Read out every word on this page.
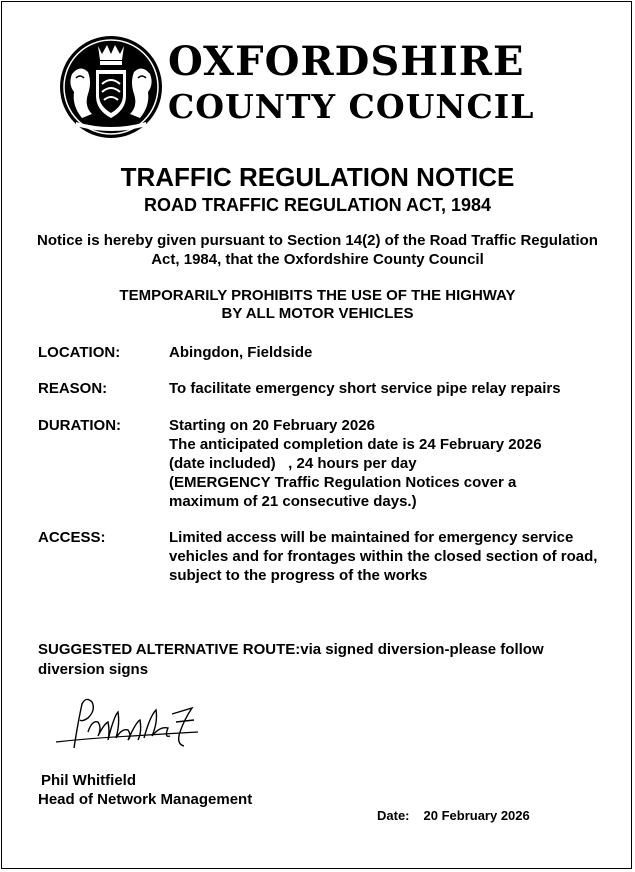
OXFORDSHIRE
COUNTY COUNCIL
TRAFFIC REGULATION NOTICE
ROAD TRAFFIC REGULATION ACT, 1984
Notice is hereby given pursuant to Section 14(2) of the Road Traffic Regulation Act, 1984, that the Oxfordshire County Council
TEMPORARILY PROHIBITS THE USE OF THE HIGHWAY
BY ALL MOTOR VEHICLES
LOCATION:	Abingdon, Fieldside
REASON:	To facilitate emergency short service pipe relay repairs
DURATION:	Starting on 20 February 2026
The anticipated completion date is 24 February 2026
(date included)   , 24 hours per day
(EMERGENCY Traffic Regulation Notices cover a maximum of 21 consecutive days.)
ACCESS:	Limited access will be maintained for emergency service vehicles and for frontages within the closed section of road, subject to the progress of the works
SUGGESTED ALTERNATIVE ROUTE:via signed diversion-please follow diversion signs
Phil Whitfield
Head of Network Management
Date: 20 February 2026
